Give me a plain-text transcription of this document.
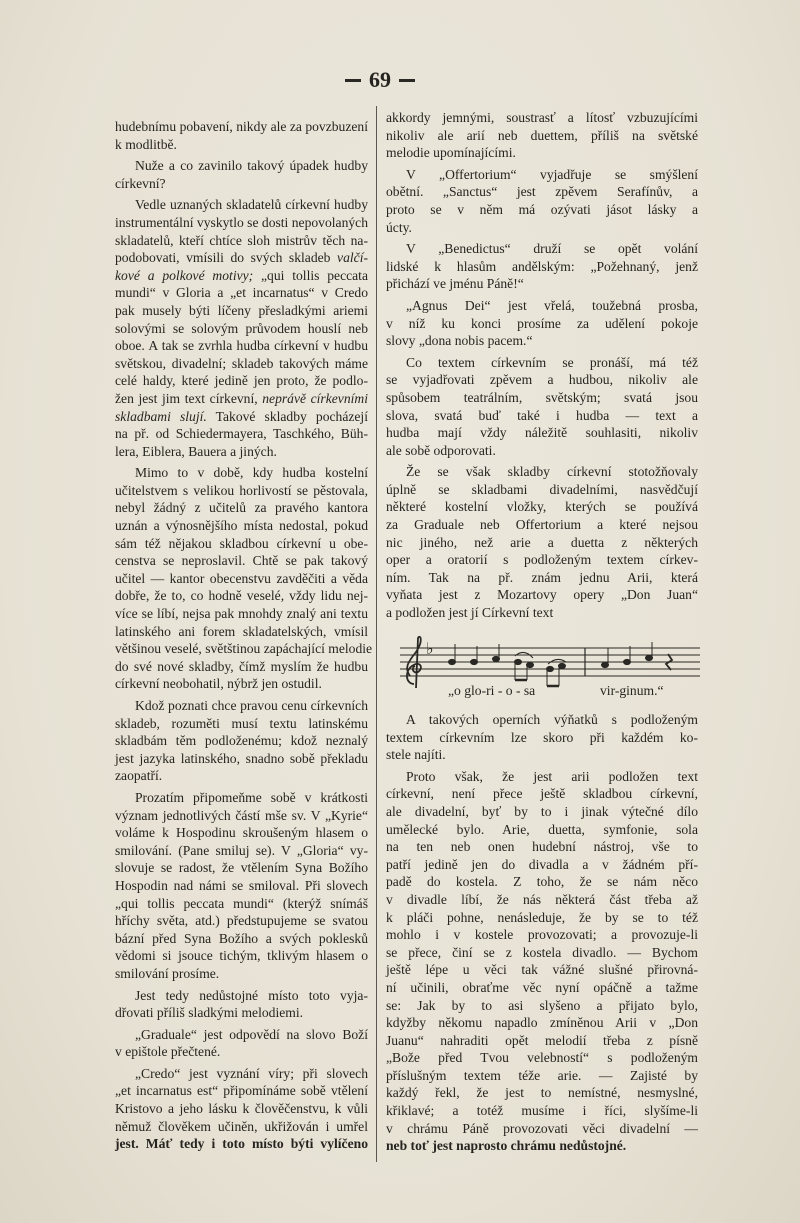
69
hudebnímu pobavení, nikdy ale za povzbuzení
k modlitbě.
Nuže a co zavinilo takový úpadek hudby
církevní?
Vedle uznaných skladatelů církevní hudby
instrumentální vyskytlo se dosti nepovolaných
skladatelů, kteří chtíce sloh mistrův těch na-
podobovati, vmísili do svých skladeb valčí-
kové a polkové motivy; „qui tollis peccata
mundi“ v Gloria a „et incarnatus“ v Credo
pak musely býti líčeny přesladkými ariemi
solovými se solovým průvodem houslí neb
oboe. A tak se zvrhla hudba církevní v hudbu
světskou, divadelní; skladeb takových máme
celé haldy, které jedině jen proto, že podlo-
žen jest jim text církevní, neprávě církevními
skladbami slují. Takové skladby pocházejí
na př. od Schiedermayera, Taschkého, Büh-
lera, Eiblera, Bauera a jiných.
Mimo to v době, kdy hudba kostelní
učitelstvem s velikou horlivostí se pěstovala,
nebyl žádný z učitelů za pravého kantora
uznán a výnosnějšího místa nedostal, pokud
sám též nějakou skladbou církevní u obe-
censtva se neproslavil. Chtě se pak takový
učitel — kantor obecenstvu zavděčiti a věda
dobře, že to, co hodně veselé, vždy lidu nej-
více se líbí, nejsa pak mnohdy znalý ani textu
latinského ani forem skladatelských, vmísil
většinou veselé, světštinou zapáchající melodie
do své nové skladby, čímž myslím že hudbu
církevní neobohatil, nýbrž jen ostudil.
Kdož poznati chce pravou cenu církevních
skladeb, rozuměti musí textu latinskému
skladbám těm podloženému; kdož neznalý
jest jazyka latinského, snadno sobě překladu
zaopatří.
Prozatím připomeňme sobě v krátkosti
význam jednotlivých částí mše sv. V „Kyrie“
voláme k Hospodinu skroušeným hlasem o
smilování. (Pane smiluj se). V „Gloria“ vy-
slovuje se radost, že vtělením Syna Božího
Hospodin nad námi se smiloval. Při slovech
„qui tollis peccata mundi“ (kterýž snímáš
hříchy světa, atd.) předstupujeme se svatou
bázní před Syna Božího a svých poklesků
vědomi si jsouce tichým, tklivým hlasem o
smilování prosíme.
Jest tedy nedůstojné místo toto vyja-
dřovati příliš sladkými melodiemi.
„Graduale“ jest odpovědí na slovo Boží
v epištole přečtené.
„Credo“ jest vyznání víry; při slovech
„et incarnatus est“ připomínáme sobě vtělení
Kristovo a jeho lásku k člověčenstvu, k vůli
němuž člověkem učiněn, ukřižován i umřel
jest. Máť tedy i toto místo býti vylíčeno
akkordy jemnými, soustrasť a lítosť vzbuzujícími
nikoliv ale arií neb duettem, příliš na světské
melodie upomínajícími.
V „Offertorium“ vyjadřuje se smýšlení
obětní. „Sanctus“ jest zpěvem Serafínův, a
proto se v něm má ozývati jásot lásky a
úcty.
V „Benedictus“ druží se opět volání
lidské k hlasům andělským: „Požehnaný, jenž
přichází ve jménu Páně!“
„Agnus Dei“ jest vřelá, toužebná prosba,
v níž ku konci prosíme za udělení pokoje
slovy „dona nobis pacem.“
Co textem církevním se pronáší, má též
se vyjadřovati zpěvem a hudbou, nikoliv ale
spůsobem teatrálním, světským; svatá jsou
slova, svatá buď také i hudba — text a
hudba mají vždy náležitě souhlasiti, nikoliv
ale sobě odporovati.
Že se však skladby církevní stotožňovaly
úplně se skladbami divadelními, nasvědčují
některé kostelní vložky, kterých se používá
za Graduale neb Offertorium a které nejsou
nic jiného, než arie a duetta z některých
oper a oratorií s podloženým textem církev-
ním. Tak na př. znám jednu Arii, která
vyňata jest z Mozartovy opery „Don Juan“
a podložen jest jí Církevní text
♭
„o glo-ri - o - sa	vir-ginum.“
A takových operních výňatků s podloženým
textem církevním lze skoro při každém ko-
stele najíti.
Proto však, že jest arii podložen text
církevní, není přece ještě skladbou církevní,
ale divadelní, byť by to i jinak výtečné dílo
umělecké bylo. Arie, duetta, symfonie, sola
na ten neb onen hudební nástroj, vše to
patří jedině jen do divadla a v žádném pří-
padě do kostela. Z toho, že se nám něco
v divadle líbí, že nás některá část třeba až
k pláči pohne, nenásleduje, že by se to též
mohlo i v kostele provozovati; a provozuje-li
se přece, činí se z kostela divadlo. — Bychom
ještě lépe u věci tak vážné slušné přirovná-
ní učinili, obraťme věc nyní opáčně a tažme
se: Jak by to asi slyšeno a přijato bylo,
kdyžby někomu napadlo zmíněnou Arii v „Don
Juanu“ nahraditi opět melodií třeba z písně
„Bože před Tvou velebností“ s podloženým
příslušným textem téže arie. — Zajisté by
každý řekl, že jest to nemístné, nesmyslné,
křiklavé; a totéž musíme i říci, slyšíme-li
v chrámu Páně provozovati věci divadelní —
neb toť jest naprosto chrámu nedůstojné.
